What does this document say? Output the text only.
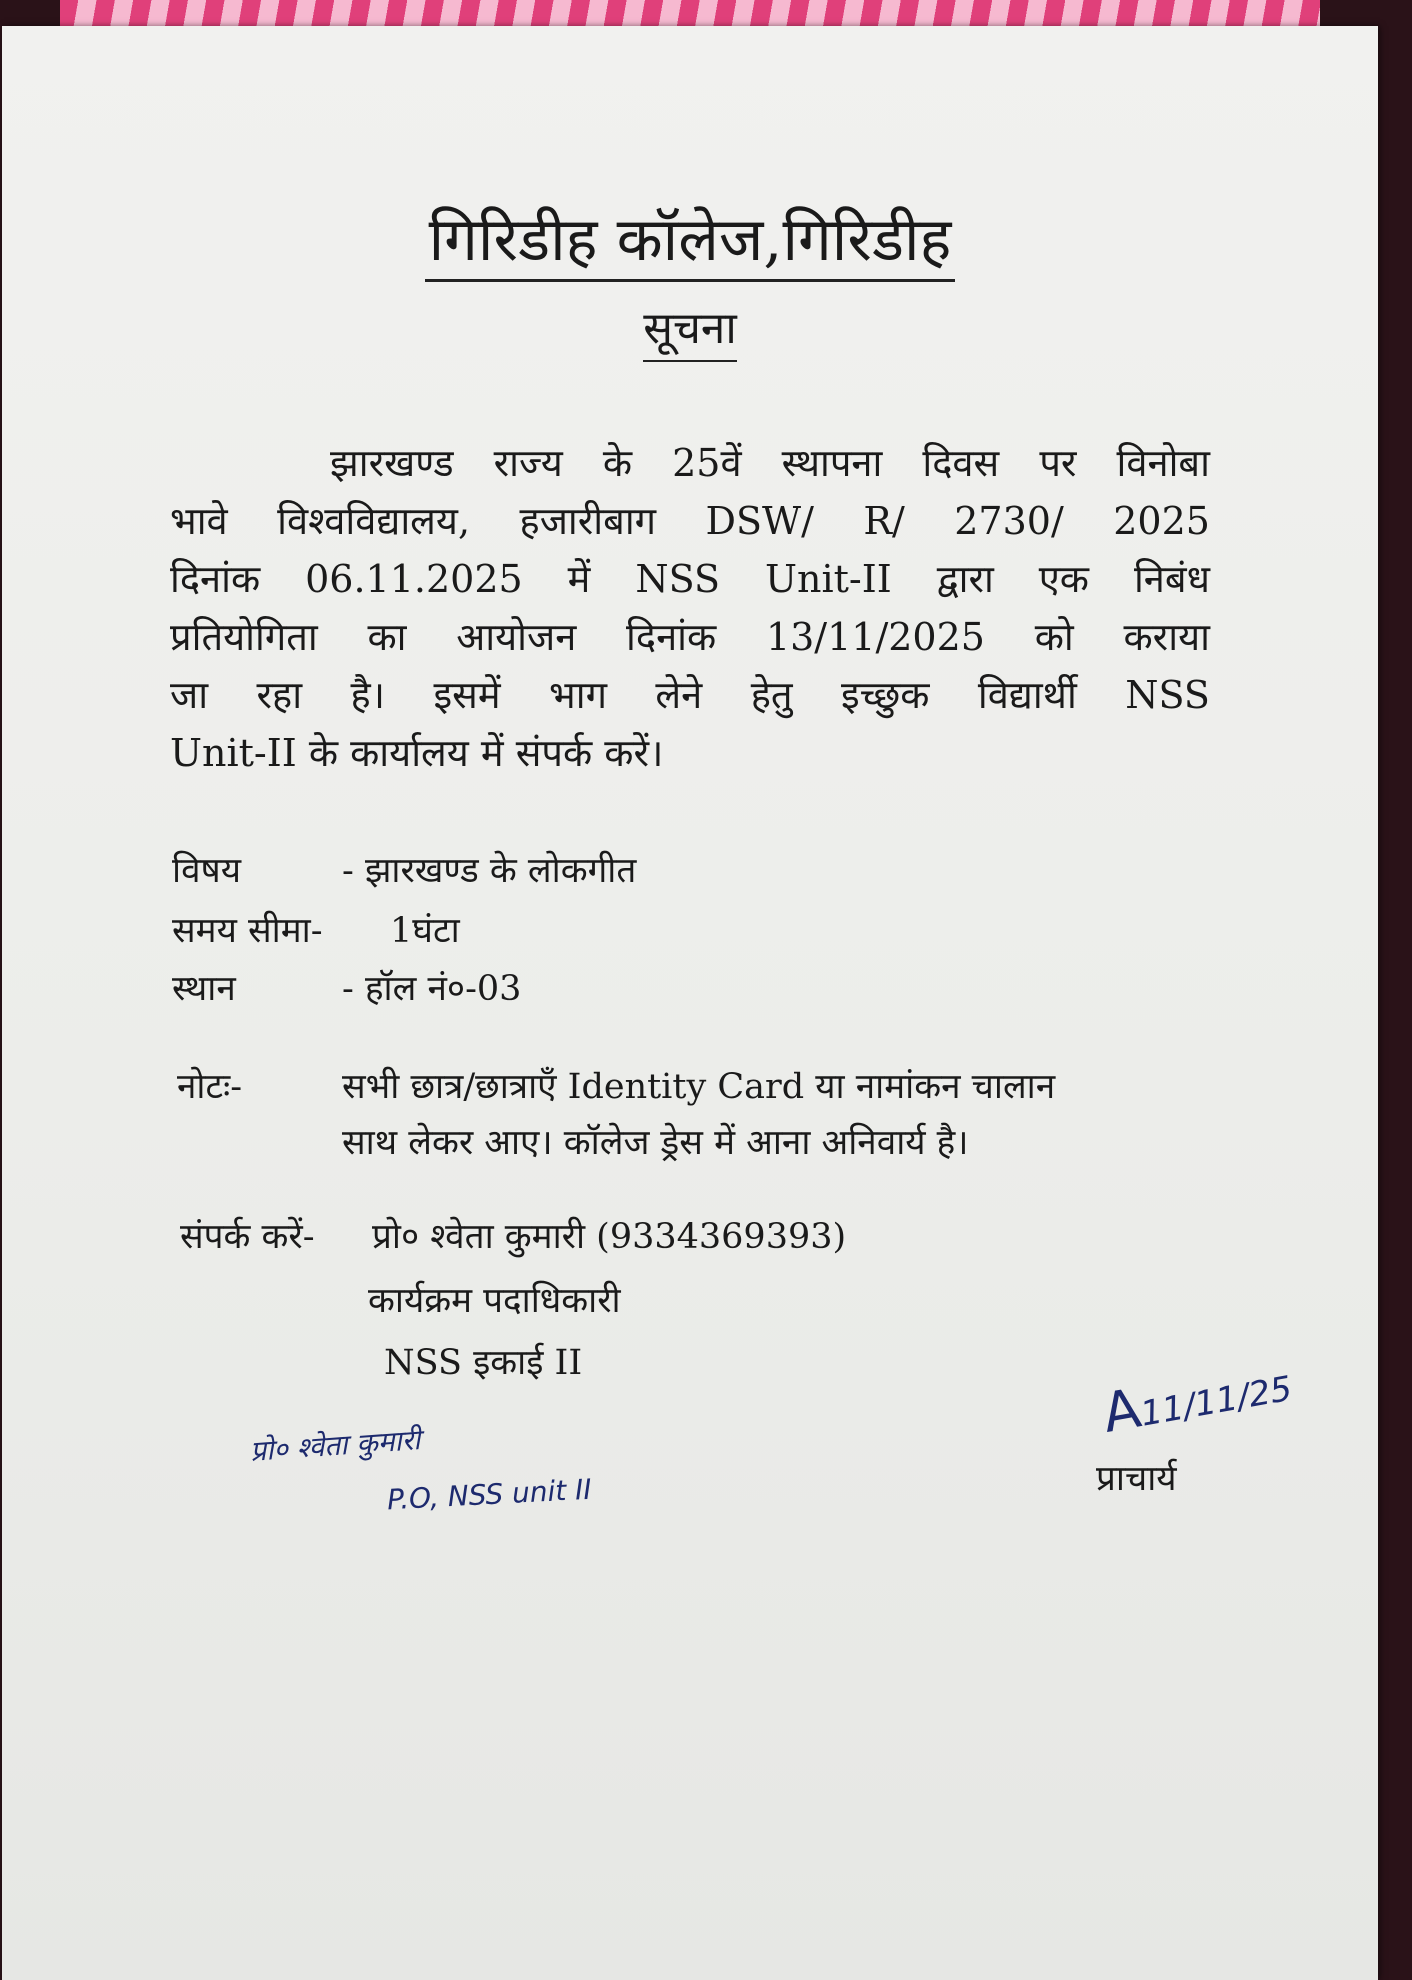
गिरिडीह कॉलेज,गिरिडीह
सूचना
झारखण्ड राज्य के 25वें स्थापना दिवस पर विनोबा
भावे विश्वविद्यालय, हजारीबाग DSW/ R/ 2730/ 2025
दिनांक 06.11.2025 में NSS Unit-II द्वारा एक निबंध
प्रतियोगिता का आयोजन दिनांक 13/11/2025 को कराया
जा रहा है। इसमें भाग लेने हेतु इच्छुक विद्यार्थी NSS
Unit-II के कार्यालय में संपर्क करें।
विषय	- झारखण्ड के लोकगीत
समय सीमा- 1घंटा
स्थान	- हॉल नं०-03
नोटः-	सभी छात्र/छात्राएँ Identity Card या नामांकन चालान
साथ लेकर आए। कॉलेज ड्रेस में आना अनिवार्य है।
संपर्क करें- प्रो० श्वेता कुमारी (9334369393)
कार्यक्रम पदाधिकारी
NSS इकाई II
प्रो० श्वेता कुमारी
P.O, NSS unit II
A11/11/25
प्राचार्य
